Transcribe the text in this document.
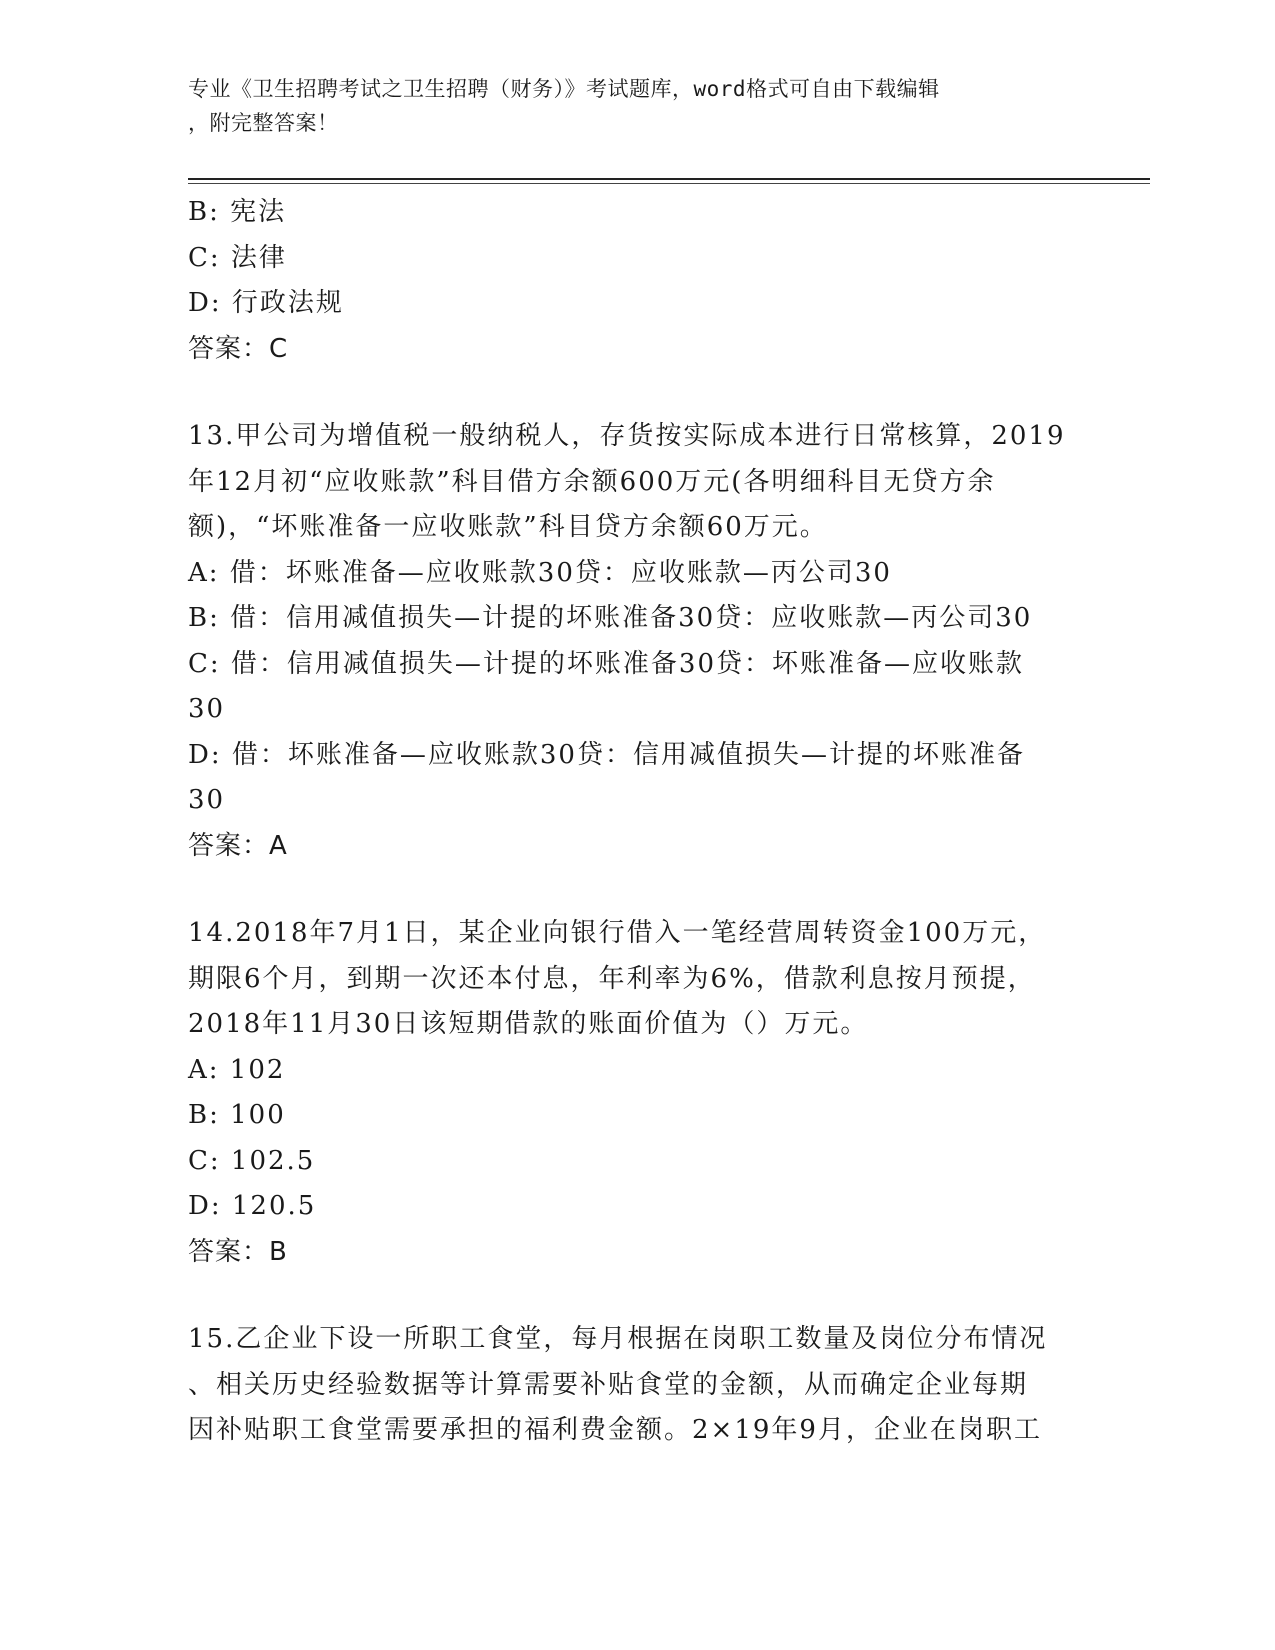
专业《卫生招聘考试之卫生招聘（财务）》考试题库，word格式可自由下载编辑
，附完整答案！
B: 宪法
C: 法律
D: 行政法规
答案：C
13.甲公司为增值税一般纳税人，存货按实际成本进行日常核算，2019
年12月初“应收账款”科目借方余额600万元(各明细科目无贷方余
额)，“坏账准备一应收账款”科目贷方余额60万元。
A: 借：坏账准备—应收账款30贷：应收账款—丙公司30
B: 借：信用减值损失—计提的坏账准备30贷：应收账款—丙公司30
C: 借：信用减值损失—计提的坏账准备30贷：坏账准备—应收账款
30
D: 借：坏账准备—应收账款30贷：信用减值损失—计提的坏账准备
30
答案：A
14.2018年7月1日，某企业向银行借入一笔经营周转资金100万元，
期限6个月，到期一次还本付息，年利率为6%，借款利息按月预提，
2018年11月30日该短期借款的账面价值为（）万元。
A: 102
B: 100
C: 102.5
D: 120.5
答案：B
15.乙企业下设一所职工食堂，每月根据在岗职工数量及岗位分布情况
、相关历史经验数据等计算需要补贴食堂的金额，从而确定企业每期
因补贴职工食堂需要承担的福利费金额。2×19年9月，企业在岗职工
